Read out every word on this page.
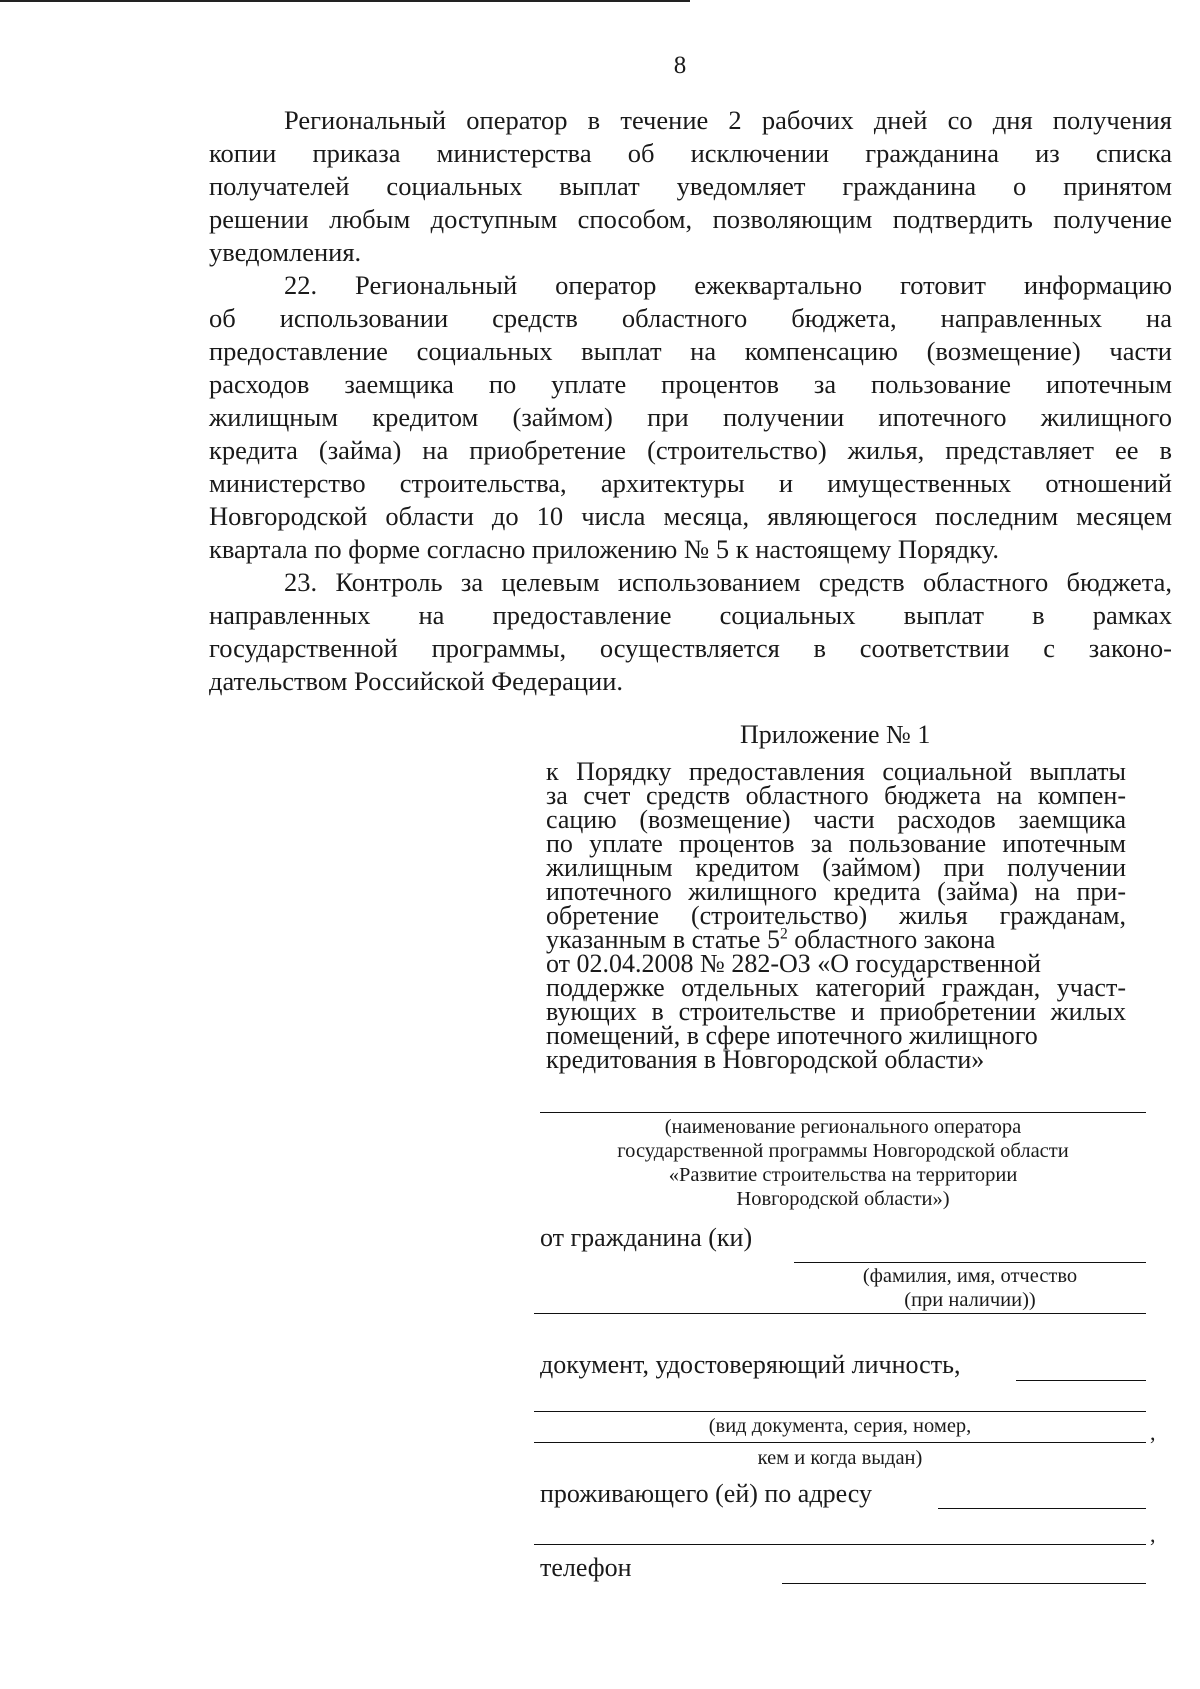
8
Региональный оператор в течение 2 рабочих дней со дня получения
копии приказа министерства об исключении гражданина из списка
получателей социальных выплат уведомляет гражданина о принятом
решении любым доступным способом, позволяющим подтвердить получение
уведомления.
22. Региональный оператор ежеквартально готовит информацию
об использовании средств областного бюджета, направленных на
предоставление социальных выплат на компенсацию (возмещение) части
расходов заемщика по уплате процентов за пользование ипотечным
жилищным кредитом (займом) при получении ипотечного жилищного
кредита (займа) на приобретение (строительство) жилья, представляет ее в
министерство строительства, архитектуры и имущественных отношений
Новгородской области до 10 числа месяца, являющегося последним месяцем
квартала по форме согласно приложению № 5 к настоящему Порядку.
23. Контроль за целевым использованием средств областного бюджета,
направленных на предоставление социальных выплат в рамках
государственной программы, осуществляется в соответствии с законо-
дательством Российской Федерации.
Приложение № 1
к Порядку предоставления социальной выплаты
за счет средств областного бюджета на компен-
сацию (возмещение) части расходов заемщика
по уплате процентов за пользование ипотечным
жилищным кредитом (займом) при получении
ипотечного жилищного кредита (займа) на при-
обретение (строительство) жилья гражданам,
указанным в статье $5^2$ областного закона
от 02.04.2008 № 282-ОЗ «О государственной
поддержке отдельных категорий граждан, участ-
вующих в строительстве и приобретении жилых
помещений, в сфере ипотечного жилищного
кредитования в Новгородской области»
(наименование регионального оператора
государственной программы Новгородской области
«Развитие строительства на территории
Новгородской области»)
от гражданина (ки)
(фамилия, имя, отчество
(при наличии))
документ, удостоверяющий личность,
(вид документа, серия, номер,	,
кем и когда выдан)
проживающего (ей) по адресу
,
телефон
